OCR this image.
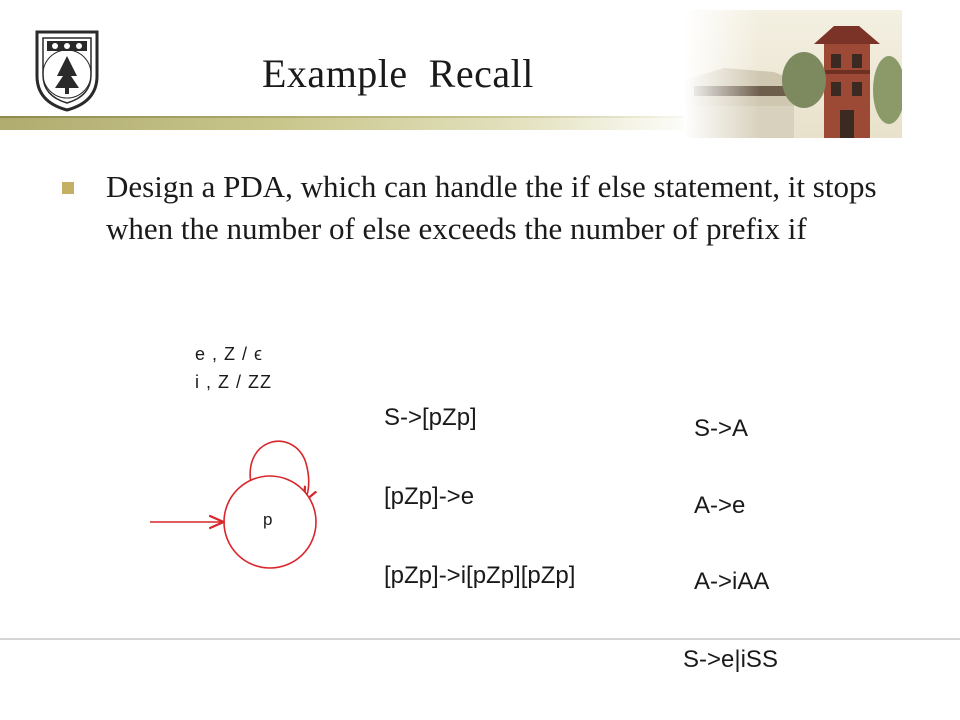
Example  Recall
Design a PDA, which can handle the if else statement, it stops when the number of else exceeds the number of prefix if
e , Z / ϵ
i , Z / ZZ
p
S->[pZp]
[pZp]->e
[pZp]->i[pZp][pZp]
S->A
A->e
A->iAA
S->e|iSS
